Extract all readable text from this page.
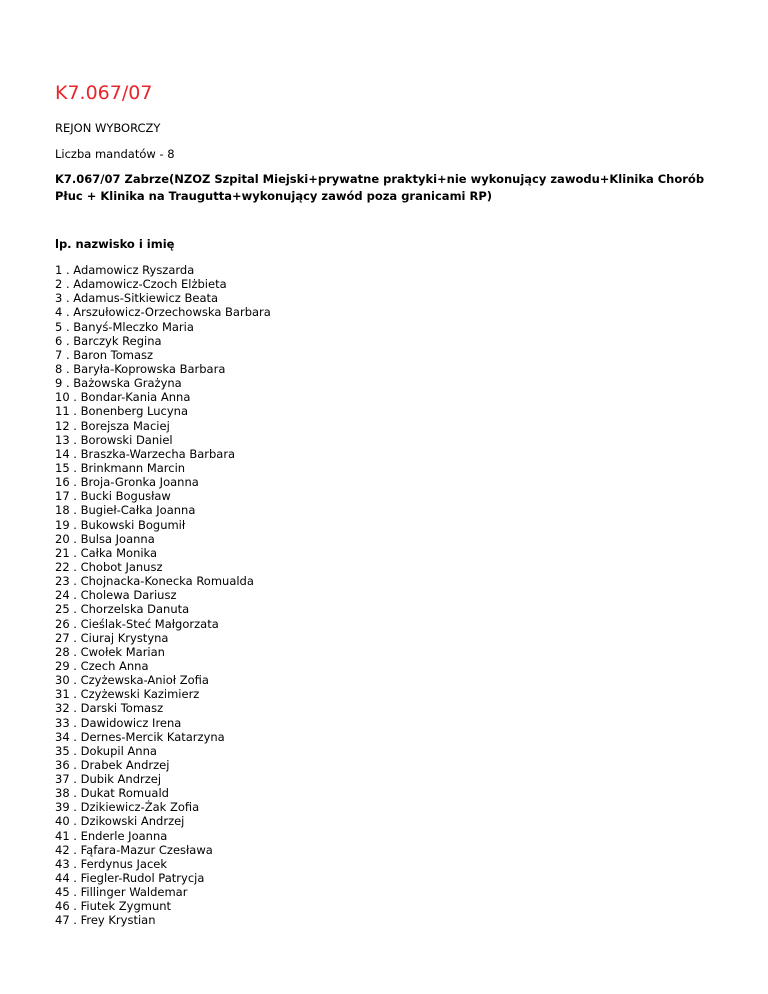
K7.067/07
REJON WYBORCZY
Liczba mandatów - 8
K7.067/07 Zabrze(NZOZ Szpital Miejski+prywatne praktyki+nie wykonujący zawodu+Klinika Chorób Płuc + Klinika na Traugutta+wykonujący zawód poza granicami RP)
lp. nazwisko i imię
1 . Adamowicz Ryszarda
2 . Adamowicz-Czoch Elżbieta
3 . Adamus-Sitkiewicz Beata
4 . Arszułowicz-Orzechowska Barbara
5 . Banyś-Mleczko Maria
6 . Barczyk Regina
7 . Baron Tomasz
8 . Baryła-Koprowska Barbara
9 . Bażowska Grażyna
10 . Bondar-Kania Anna
11 . Bonenberg Lucyna
12 . Borejsza Maciej
13 . Borowski Daniel
14 . Braszka-Warzecha Barbara
15 . Brinkmann Marcin
16 . Broja-Gronka Joanna
17 . Bucki Bogusław
18 . Bugieł-Całka Joanna
19 . Bukowski Bogumił
20 . Bulsa Joanna
21 . Całka Monika
22 . Chobot Janusz
23 . Chojnacka-Konecka Romualda
24 . Cholewa Dariusz
25 . Chorzelska Danuta
26 . Cieślak-Steć Małgorzata
27 . Ciuraj Krystyna
28 . Cwołek Marian
29 . Czech Anna
30 . Czyżewska-Anioł Zofia
31 . Czyżewski Kazimierz
32 . Darski Tomasz
33 . Dawidowicz Irena
34 . Dernes-Mercik Katarzyna
35 . Dokupil Anna
36 . Drabek Andrzej
37 . Dubik Andrzej
38 . Dukat Romuald
39 . Dzikiewicz-Żak Zofia
40 . Dzikowski Andrzej
41 . Enderle Joanna
42 . Fąfara-Mazur Czesława
43 . Ferdynus Jacek
44 . Fiegler-Rudol Patrycja
45 . Fillinger Waldemar
46 . Fiutek Zygmunt
47 . Frey Krystian
